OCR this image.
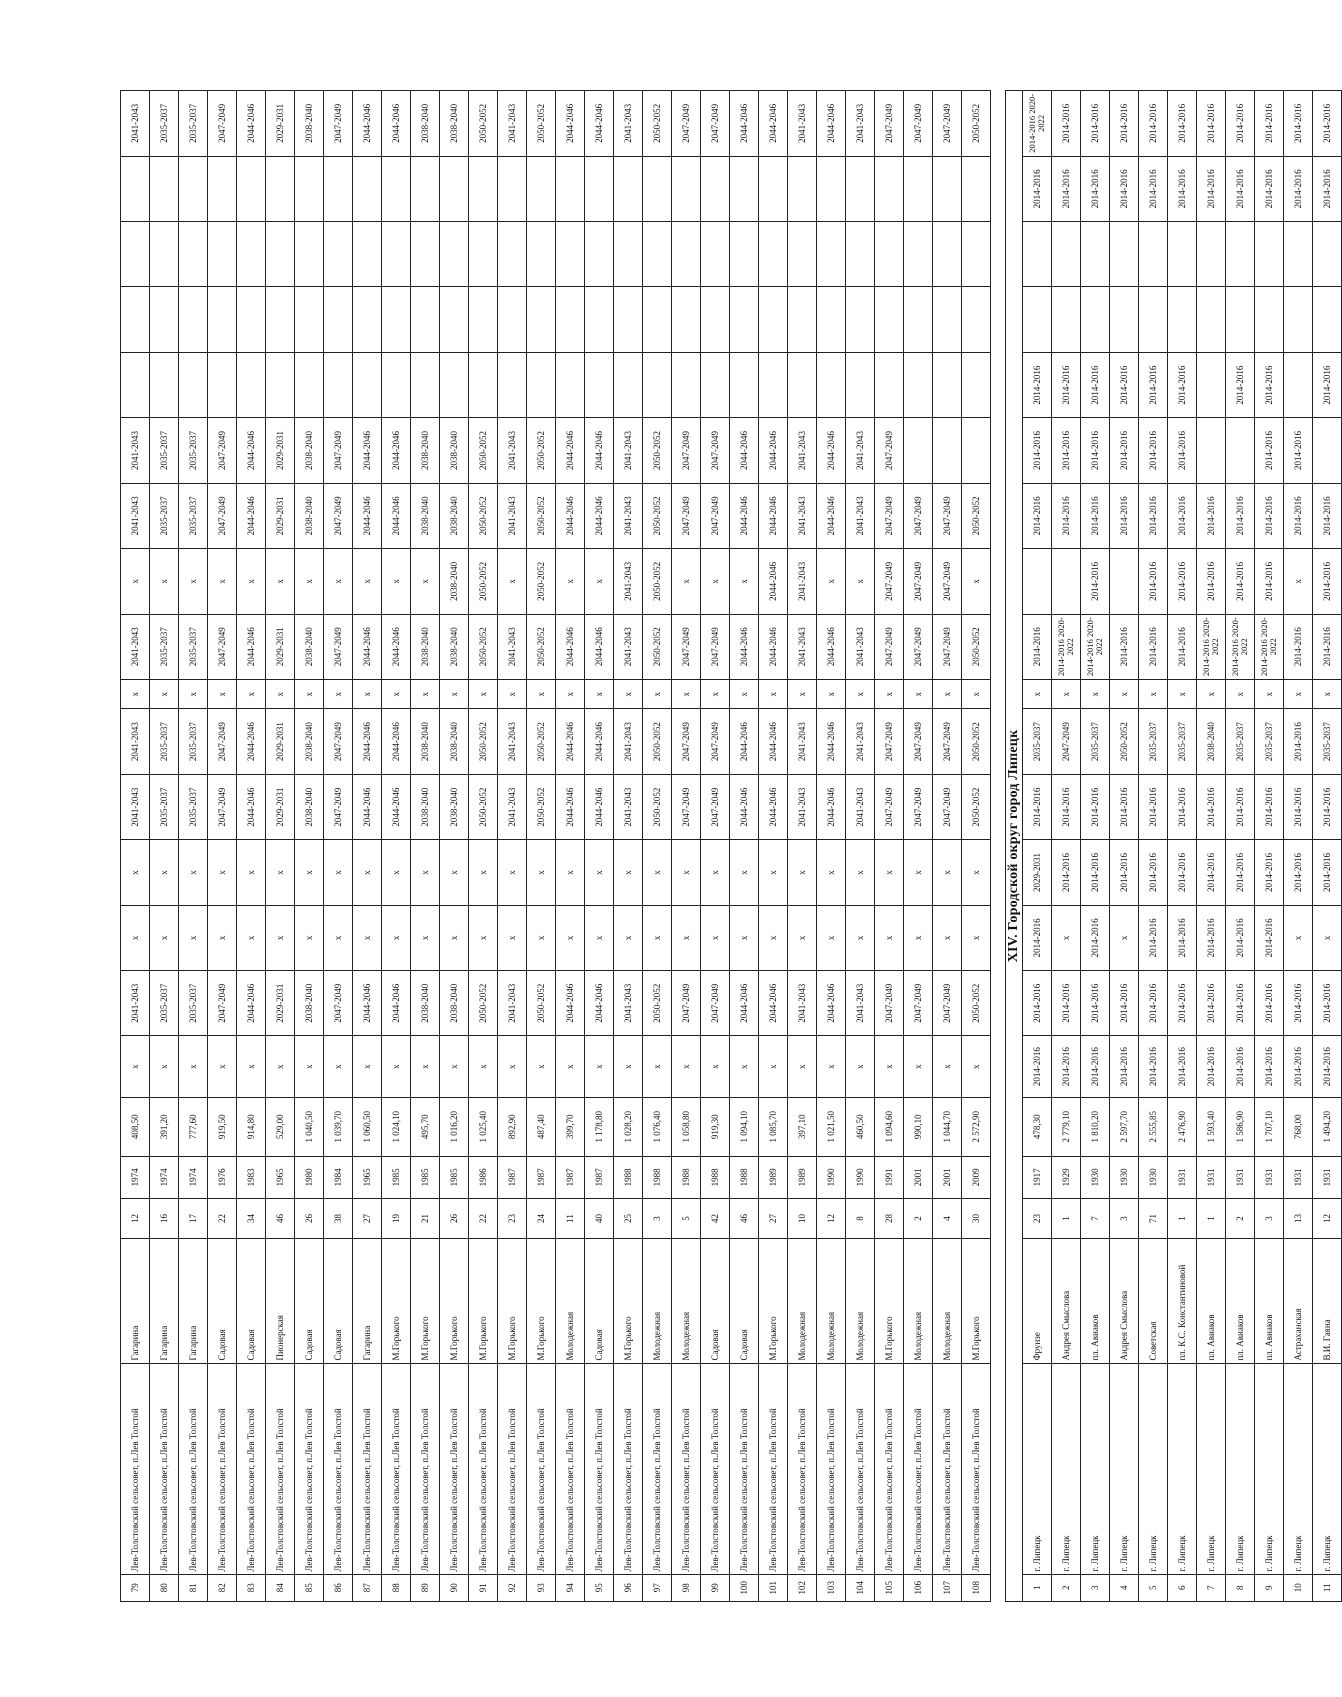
79	Лев-Толстовский сельсовет, п.Лев Толстой	Гагарина	12	1974	408,50	x	2041-2043	x	x	2041-2043	2041-2043	x	2041-2043	x	2041-2043	2041-2043					2041-2043
80	Лев-Толстовский сельсовет, п.Лев Толстой	Гагарина	16	1974	391,20	x	2035-2037	x	x	2035-2037	2035-2037	x	2035-2037	x	2035-2037	2035-2037					2035-2037
81	Лев-Толстовский сельсовет, п.Лев Толстой	Гагарина	17	1974	777,60	x	2035-2037	x	x	2035-2037	2035-2037	x	2035-2037	x	2035-2037	2035-2037					2035-2037
82	Лев-Толстовский сельсовет, п.Лев Толстой	Садовая	22	1976	919,50	x	2047-2049	x	x	2047-2049	2047-2049	x	2047-2049	x	2047-2049	2047-2049					2047-2049
83	Лев-Толстовский сельсовет, п.Лев Толстой	Садовая	34	1983	914,80	x	2044-2046	x	x	2044-2046	2044-2046	x	2044-2046	x	2044-2046	2044-2046					2044-2046
84	Лев-Толстовский сельсовет, п.Лев Толстой	Пионерская	46	1965	529,00	x	2029-2031	x	x	2029-2031	2029-2031	x	2029-2031	x	2029-2031	2029-2031					2029-2031
85	Лев-Толстовский сельсовет, п.Лев Толстой	Садовая	26	1980	1 040,50	x	2038-2040	x	x	2038-2040	2038-2040	x	2038-2040	x	2038-2040	2038-2040					2038-2040
86	Лев-Толстовский сельсовет, п.Лев Толстой	Садовая	38	1984	1 039,70	x	2047-2049	x	x	2047-2049	2047-2049	x	2047-2049	x	2047-2049	2047-2049					2047-2049
87	Лев-Толстовский сельсовет, п.Лев Толстой	Гагарина	27	1965	1 060,50	x	2044-2046	x	x	2044-2046	2044-2046	x	2044-2046	x	2044-2046	2044-2046					2044-2046
88	Лев-Толстовский сельсовет, п.Лев Толстой	М.Горького	19	1985	1 024,10	x	2044-2046	x	x	2044-2046	2044-2046	x	2044-2046	x	2044-2046	2044-2046					2044-2046
89	Лев-Толстовский сельсовет, п.Лев Толстой	М.Горького	21	1985	495,70	x	2038-2040	x	x	2038-2040	2038-2040	x	2038-2040	x	2038-2040	2038-2040					2038-2040
90	Лев-Толстовский сельсовет, п.Лев Толстой	М.Горького	26	1985	1 016,20	x	2038-2040	x	x	2038-2040	2038-2040	x	2038-2040	2038-2040	2038-2040	2038-2040					2038-2040
91	Лев-Толстовский сельсовет, п.Лев Толстой	М.Горького	22	1986	1 025,40	x	2050-2052	x	x	2050-2052	2050-2052	x	2050-2052	2050-2052	2050-2052	2050-2052					2050-2052
92	Лев-Толстовский сельсовет, п.Лев Толстой	М.Горького	23	1987	892,90	x	2041-2043	x	x	2041-2043	2041-2043	x	2041-2043	x	2041-2043	2041-2043					2041-2043
93	Лев-Толстовский сельсовет, п.Лев Толстой	М.Горького	24	1987	487,40	x	2050-2052	x	x	2050-2052	2050-2052	x	2050-2052	2050-2052	2050-2052	2050-2052					2050-2052
94	Лев-Толстовский сельсовет, п.Лев Толстой	Молодежная	11	1987	399,70	x	2044-2046	x	x	2044-2046	2044-2046	x	2044-2046	x	2044-2046	2044-2046					2044-2046
95	Лев-Толстовский сельсовет, п.Лев Толстой	Садовая	40	1987	1 178,80	x	2044-2046	x	x	2044-2046	2044-2046	x	2044-2046	x	2044-2046	2044-2046					2044-2046
96	Лев-Толстовский сельсовет, п.Лев Толстой	М.Горького	25	1988	1 028,20	x	2041-2043	x	x	2041-2043	2041-2043	x	2041-2043	2041-2043	2041-2043	2041-2043					2041-2043
97	Лев-Толстовский сельсовет, п.Лев Толстой	Молодежная	3	1988	1 076,40	x	2050-2052	x	x	2050-2052	2050-2052	x	2050-2052	2050-2052	2050-2052	2050-2052					2050-2052
98	Лев-Толстовский сельсовет, п.Лев Толстой	Молодежная	5	1988	1 058,80	x	2047-2049	x	x	2047-2049	2047-2049	x	2047-2049	x	2047-2049	2047-2049					2047-2049
99	Лев-Толстовский сельсовет, п.Лев Толстой	Садовая	42	1988	919,30	x	2047-2049	x	x	2047-2049	2047-2049	x	2047-2049	x	2047-2049	2047-2049					2047-2049
100	Лев-Толстовский сельсовет, п.Лев Толстой	Садовая	46	1988	1 094,10	x	2044-2046	x	x	2044-2046	2044-2046	x	2044-2046	x	2044-2046	2044-2046					2044-2046
101	Лев-Толстовский сельсовет, п.Лев Толстой	М.Горького	27	1989	1 085,70	x	2044-2046	x	x	2044-2046	2044-2046	x	2044-2046	2044-2046	2044-2046	2044-2046					2044-2046
102	Лев-Толстовский сельсовет, п.Лев Толстой	Молодежная	10	1989	397,10	x	2041-2043	x	x	2041-2043	2041-2043	x	2041-2043	2041-2043	2041-2043	2041-2043					2041-2043
103	Лев-Толстовский сельсовет, п.Лев Толстой	Молодежная	12	1990	1 021,50	x	2044-2046	x	x	2044-2046	2044-2046	x	2044-2046	x	2044-2046	2044-2046					2044-2046
104	Лев-Толстовский сельсовет, п.Лев Толстой	Молодежная	8	1990	460,50	x	2041-2043	x	x	2041-2043	2041-2043	x	2041-2043	x	2041-2043	2041-2043					2041-2043
105	Лев-Толстовский сельсовет, п.Лев Толстой	М.Горького	28	1991	1 094,60	x	2047-2049	x	x	2047-2049	2047-2049	x	2047-2049	2047-2049	2047-2049	2047-2049					2047-2049
106	Лев-Толстовский сельсовет, п.Лев Толстой	Молодежная	2	2001	990,10	x	2047-2049	x	x	2047-2049	2047-2049	x	2047-2049	2047-2049	2047-2049						2047-2049
107	Лев-Толстовский сельсовет, п.Лев Толстой	Молодежная	4	2001	1 044,70	x	2047-2049	x	x	2047-2049	2047-2049	x	2047-2049	2047-2049	2047-2049						2047-2049
108	Лев-Толстовский сельсовет, п.Лев Толстой	М.Горького	30	2009	2 572,90	x	2050-2052	x	x	2050-2052	2050-2052	x	2050-2052	x	2050-2052						2050-2052

XIV. Городской округ город Липецк																					
1	г. Липецк	Фрунзе	23	1917	478,30	2014-2016	2014-2016	2014-2016	2029-2031	2014-2016	2035-2037	x	2014-2016		2014-2016	2014-2016	2014-2016			2014-2016	2014-2016 2020-2022
2	г. Липецк	Андрея Смыслова	1	1929	2 779,10	2014-2016	2014-2016	x	2014-2016	2014-2016	2047-2049	x	2014-2016 2020-2022		2014-2016	2014-2016	2014-2016			2014-2016	2014-2016
3	г. Липецк	пл. Авиаков	7	1930	1 810,20	2014-2016	2014-2016	2014-2016	2014-2016	2014-2016	2035-2037	x	2014-2016 2020-2022	2014-2016	2014-2016	2014-2016	2014-2016			2014-2016	2014-2016
4	г. Липецк	Андрея Смыслова	3	1930	2 597,70	2014-2016	2014-2016	x	2014-2016	2014-2016	2050-2052	x	2014-2016		2014-2016	2014-2016	2014-2016			2014-2016	2014-2016
5	г. Липецк	Советская	71	1930	2 555,85	2014-2016	2014-2016	2014-2016	2014-2016	2014-2016	2035-2037	x	2014-2016	2014-2016	2014-2016	2014-2016	2014-2016			2014-2016	2014-2016
6	г. Липецк	пл. К.С. Константиновой	1	1931	2 476,90	2014-2016	2014-2016	2014-2016	2014-2016	2014-2016	2035-2037	x	2014-2016	2014-2016	2014-2016	2014-2016	2014-2016			2014-2016	2014-2016
7	г. Липецк	пл. Авиаков	1	1931	1 593,40	2014-2016	2014-2016	2014-2016	2014-2016	2014-2016	2038-2040	x	2014-2016 2020-2022	2014-2016	2014-2016					2014-2016	2014-2016
8	г. Липецк	пл. Авиаков	2	1931	1 586,90	2014-2016	2014-2016	2014-2016	2014-2016	2014-2016	2035-2037	x	2014-2016 2020-2022	2014-2016	2014-2016		2014-2016			2014-2016	2014-2016
9	г. Липецк	пл. Авиаков	3	1931	1 707,10	2014-2016	2014-2016	2014-2016	2014-2016	2014-2016	2035-2037	x	2014-2016 2020-2022	2014-2016	2014-2016	2014-2016	2014-2016			2014-2016	2014-2016
10	г. Липецк	Астраханская	13	1931	768,00	2014-2016	2014-2016	x	2014-2016	2014-2016	2014-2016	x	2014-2016	x	2014-2016	2014-2016				2014-2016	2014-2016
11	г. Липецк	В.И. Гаяна	12	1931	1 494,20	2014-2016	2014-2016	x	2014-2016	2014-2016	2035-2037	x	2014-2016	2014-2016	2014-2016		2014-2016			2014-2016	2014-2016
